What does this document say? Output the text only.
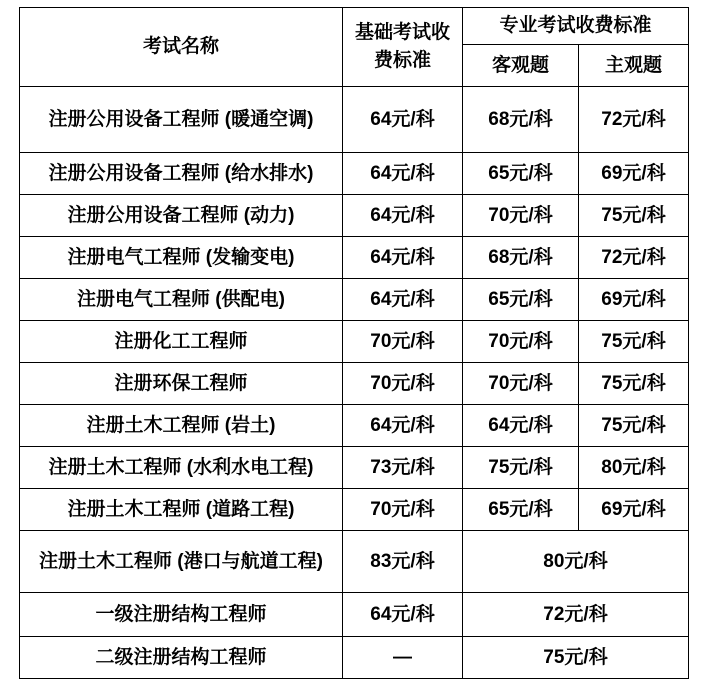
考试名称	基础考试收费标准	专业考试收费标准	
		客观题	主观题
注册公用设备工程师 (暖通空调)	64元/科	68元/科	72元/科
注册公用设备工程师 (给水排水)	64元/科	65元/科	69元/科
注册公用设备工程师 (动力)	64元/科	70元/科	75元/科
注册电气工程师 (发输变电)	64元/科	68元/科	72元/科
注册电气工程师 (供配电)	64元/科	65元/科	69元/科
注册化工工程师	70元/科	70元/科	75元/科
注册环保工程师	70元/科	70元/科	75元/科
注册土木工程师 (岩土)	64元/科	64元/科	75元/科
注册土木工程师 (水利水电工程)	73元/科	75元/科	80元/科
注册土木工程师 (道路工程)	70元/科	65元/科	69元/科
注册土木工程师 (港口与航道工程)	83元/科	80元/科	
一级注册结构工程师	64元/科	72元/科	
二级注册结构工程师	—	75元/科	
